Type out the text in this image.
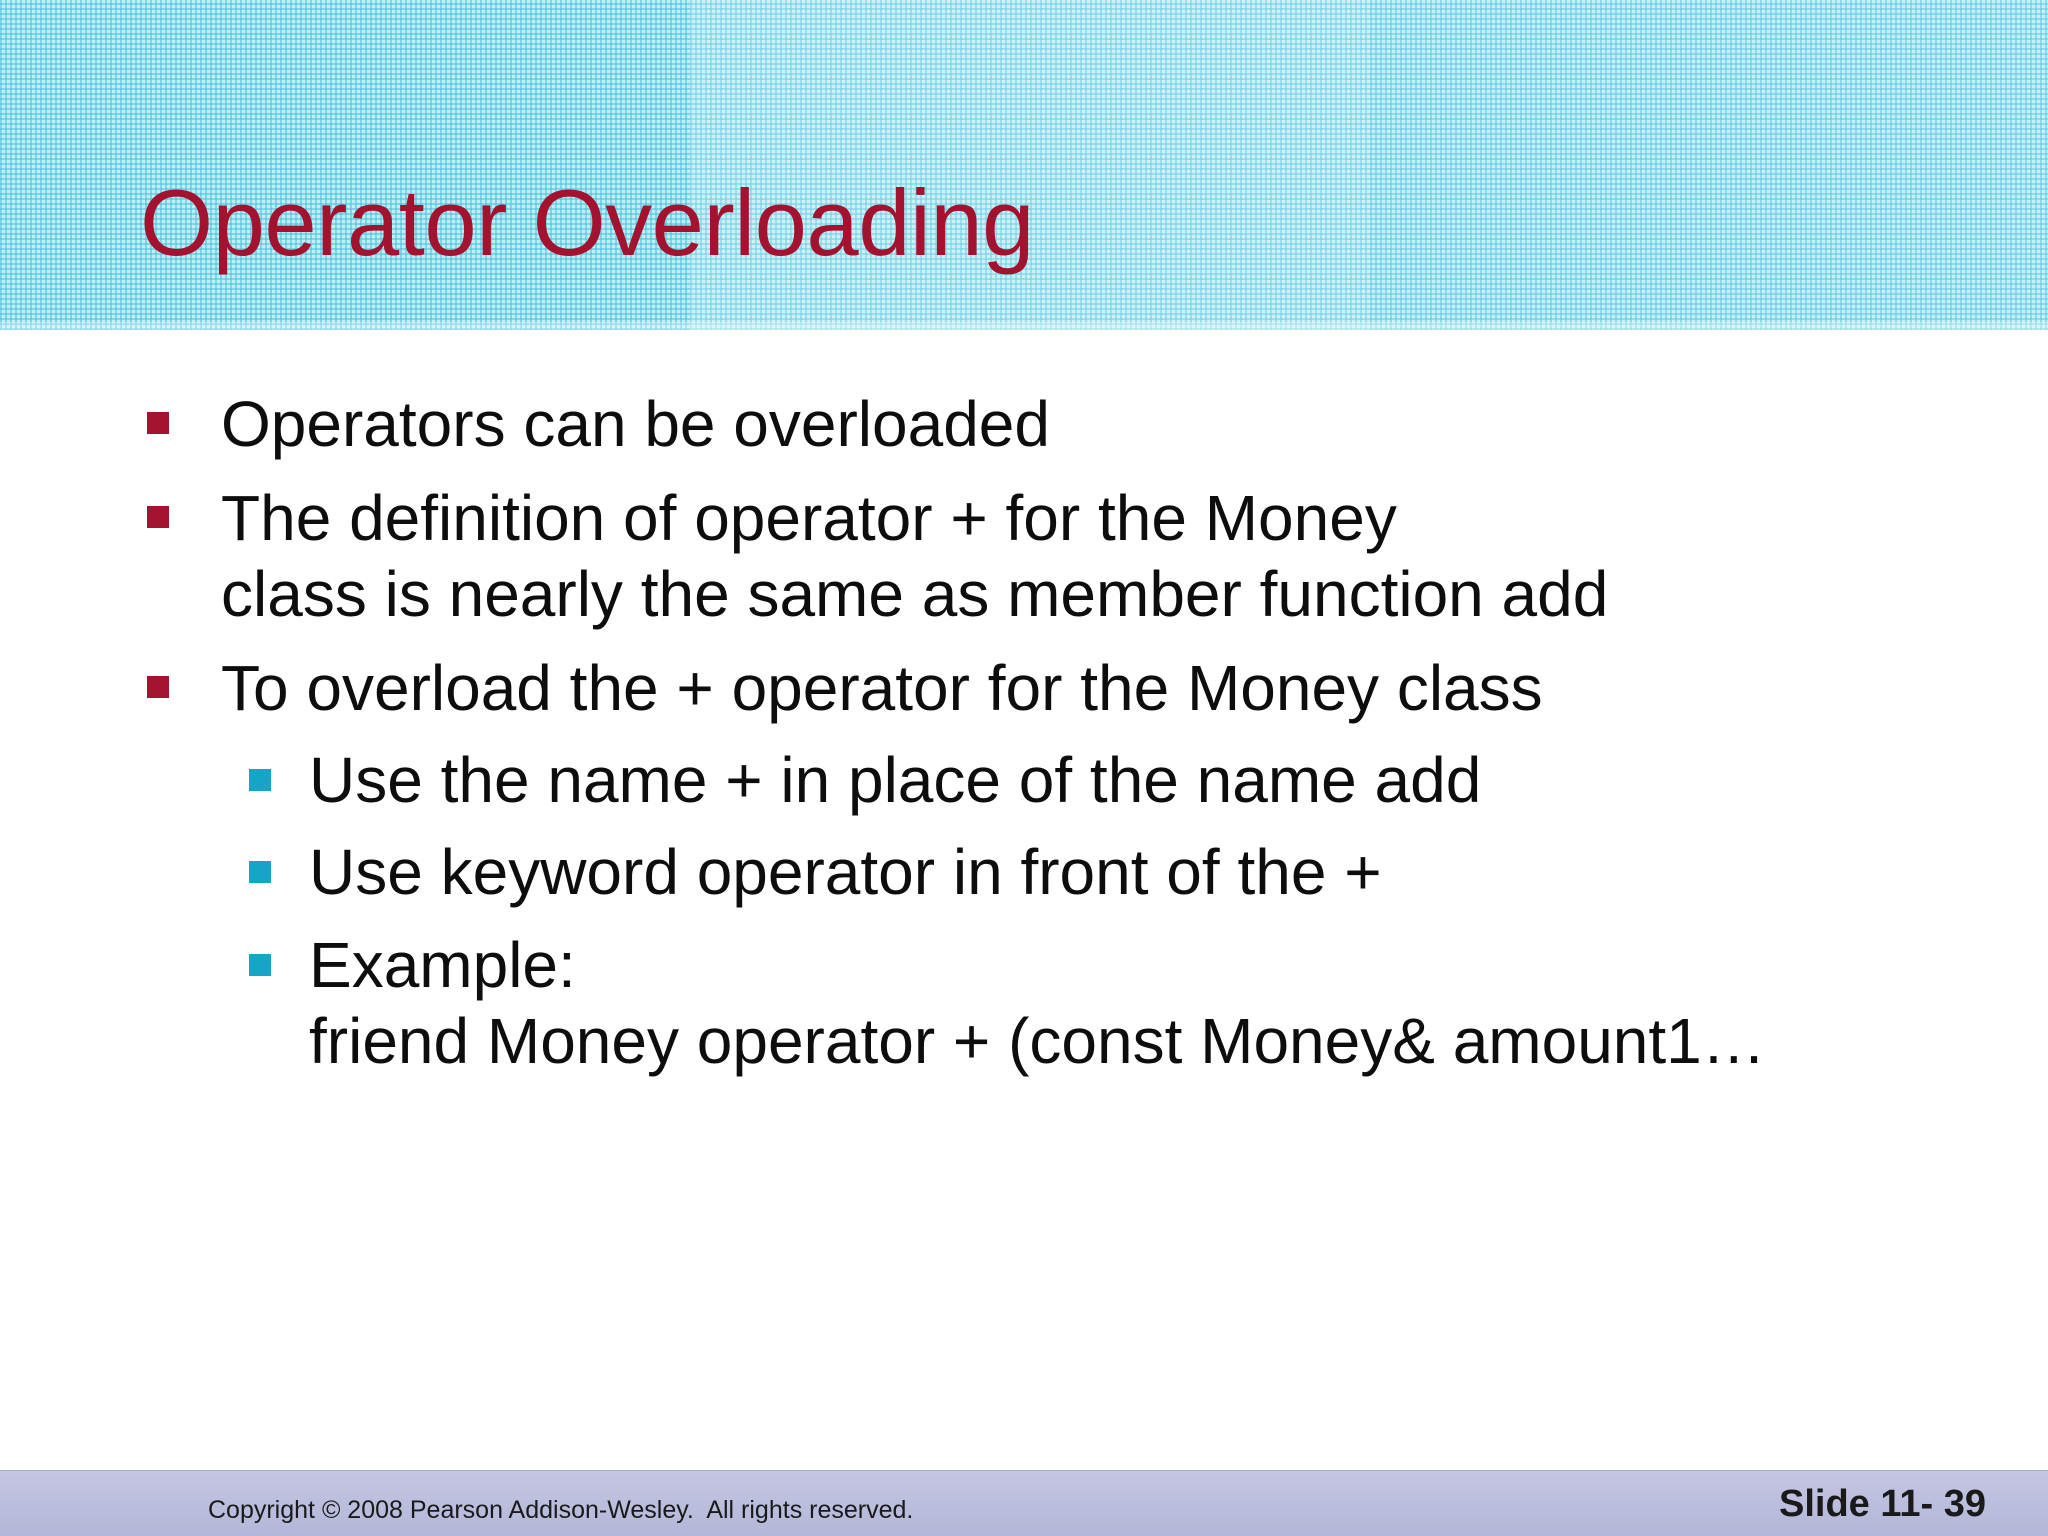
Operator Overloading
Operators can be overloaded
The definition of operator + for the Money
class is nearly the same as member function add
To overload the + operator for the Money class
Use the name + in place of the name add
Use keyword operator in front of the +
Example:
friend Money operator + (const Money& amount1…
Copyright © 2008 Pearson Addison-Wesley.  All rights reserved.	Slide 11- 39
